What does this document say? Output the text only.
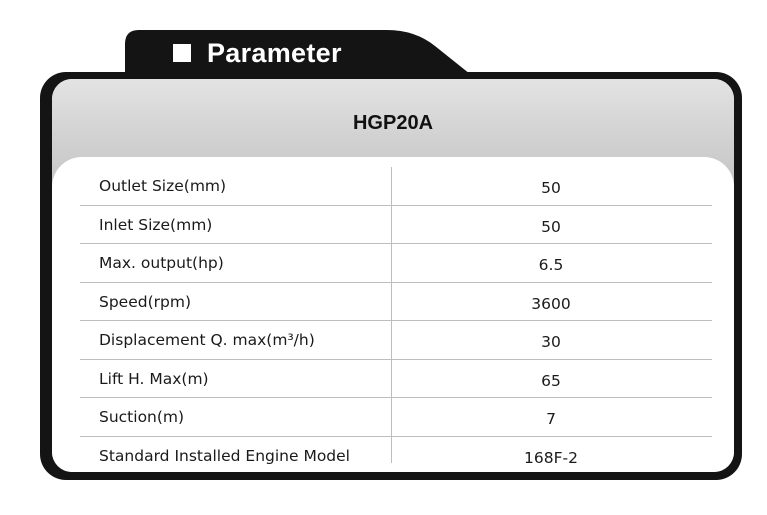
Parameter
HGP20A
Outlet Size(mm)	50
Inlet Size(mm)	50
Max. output(hp)	6.5
Speed(rpm)	3600
Displacement Q. max(m³/h)	30
Lift H. Max(m)	65
Suction(m)	7
Standard Installed Engine Model	168F-2
